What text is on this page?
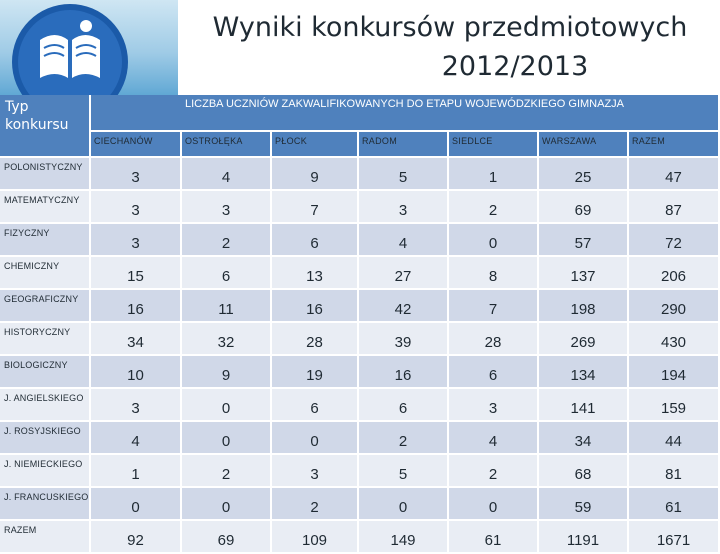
Wyniki konkursów przedmiotowych
2012/2013
Typ konkursu	LICZBA UCZNIÓW ZAKWALIFIKOWANYCH DO ETAPU WOJEWÓDZKIEGO GIMNAZJA						

	CIECHANÓW	OSTROŁĘKA	PŁOCK	RADOM	SIEDLCE	WARSZAWA	RAZEM
POLONISTYCZNY	3	4	9	5	1	25	47
MATEMATYCZNY	3	3	7	3	2	69	87
FIZYCZNY	3	2	6	4	0	57	72
CHEMICZNY	15	6	13	27	8	137	206
GEOGRAFICZNY	16	11	16	42	7	198	290
HISTORYCZNY	34	32	28	39	28	269	430
BIOLOGICZNY	10	9	19	16	6	134	194
J. ANGIELSKIEGO	3	0	6	6	3	141	159
J. ROSYJSKIEGO	4	0	0	2	4	34	44
J. NIEMIECKIEGO	1	2	3	5	2	68	81
J. FRANCUSKIEGO	0	0	2	0	0	59	61
RAZEM	92	69	109	149	61	1191	1671
